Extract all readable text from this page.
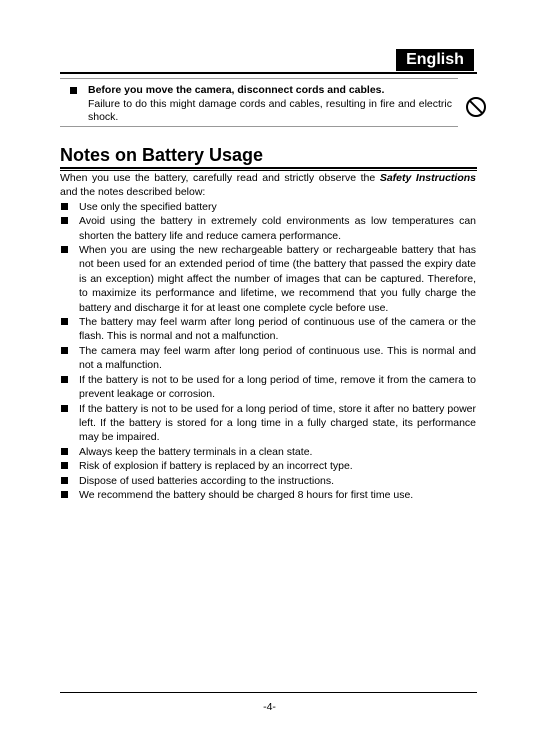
English
Before you move the camera, disconnect cords and cables.
Failure to do this might damage cords and cables, resulting in fire and electric shock.
Notes on Battery Usage
When you use the battery, carefully read and strictly observe the Safety Instructions and the notes described below:
Use only the specified battery
Avoid using the battery in extremely cold environments as low temperatures can shorten the battery life and reduce camera performance.
When you are using the new rechargeable battery or rechargeable battery that has not been used for an extended period of time (the battery that passed the expiry date is an exception) might affect the number of images that can be captured. Therefore, to maximize its performance and lifetime, we recommend that you fully charge the battery and discharge it for at least one complete cycle before use.
The battery may feel warm after long period of continuous use of the camera or the flash. This is normal and not a malfunction.
The camera may feel warm after long period of continuous use. This is normal and not a malfunction.
If the battery is not to be used for a long period of time, remove it from the camera to prevent leakage or corrosion.
If the battery is not to be used for a long period of time, store it after no battery power left. If the battery is stored for a long time in a fully charged state, its performance may be impaired.
Always keep the battery terminals in a clean state.
Risk of explosion if battery is replaced by an incorrect type.
Dispose of used batteries according to the instructions.
We recommend the battery should be charged 8 hours for first time use.
-4-
